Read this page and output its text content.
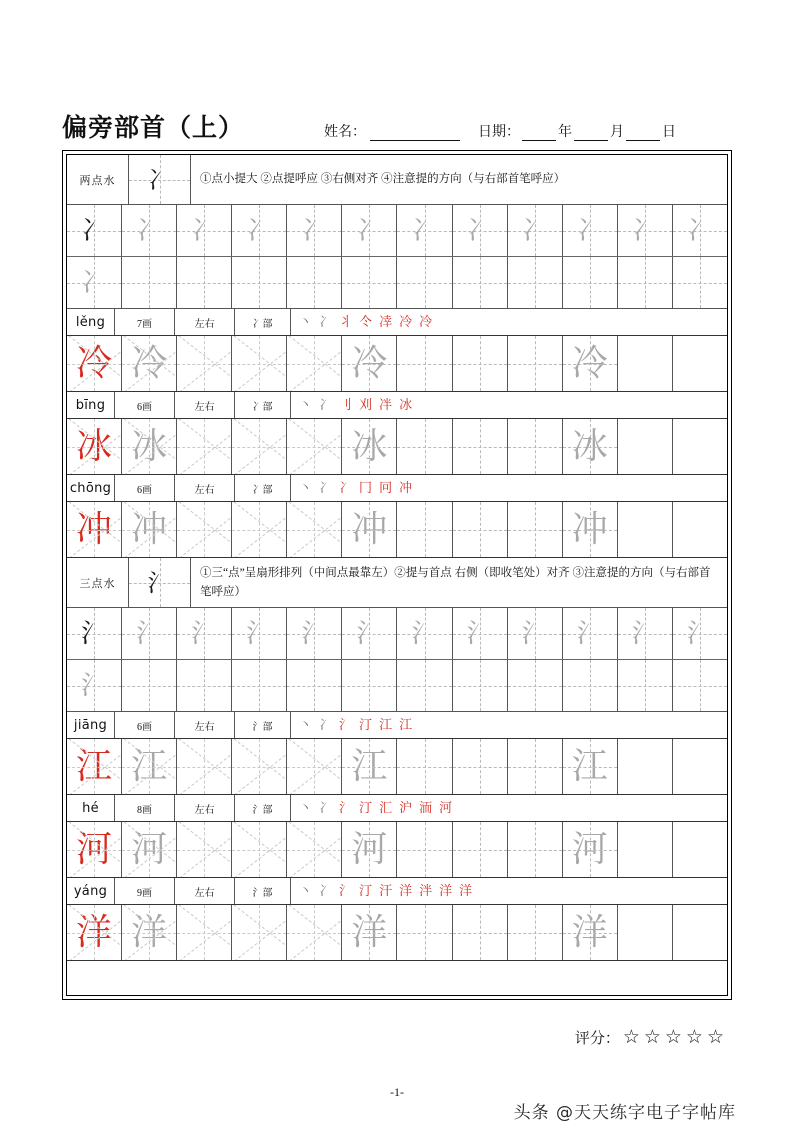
偏旁部首（上）	姓名：	日期：	年	月	日
两点水	冫	①点小提大 ②点提呼应 ③右侧对齐 ④注意提的方向（与右部首笔呼应）
冫 冫 冫 冫 冫 冫 冫 冫 冫 冫 冫 冫
冫
lěng	7画	左右	冫部	丶 冫 丬 仒 㓑 冷 冷
冷 冷	冷	冷
bīng	6画	左右	冫部	丶 冫 刂 刈 冸 冰
冰 冰	冰	冰
chōng	6画	左右	冫部	丶 冫 冫 冂 冋 冲
冲 冲	冲	冲
三点水	氵	①三“点”呈扇形排列（中间点最靠左）②提与首点 右侧（即收笔处）对齐 ③注意提的方向（与右部首笔呼应）
氵 氵 氵 氵 氵 氵 氵 氵 氵 氵 氵 氵
氵
jiāng	6画	左右	氵部	丶 冫 氵 汀 江 江
江 江	江	江
hé	8画	左右	氵部	丶 冫 氵 汀 汇 沪 洏 河
河 河	河	河
yáng	9画	左右	氵部	丶 冫 氵 汀 汗 洋 泮 洋 洋
洋 洋	洋	洋
评分： ☆☆☆☆☆
-1-
头条 @天天练字电子字帖库
